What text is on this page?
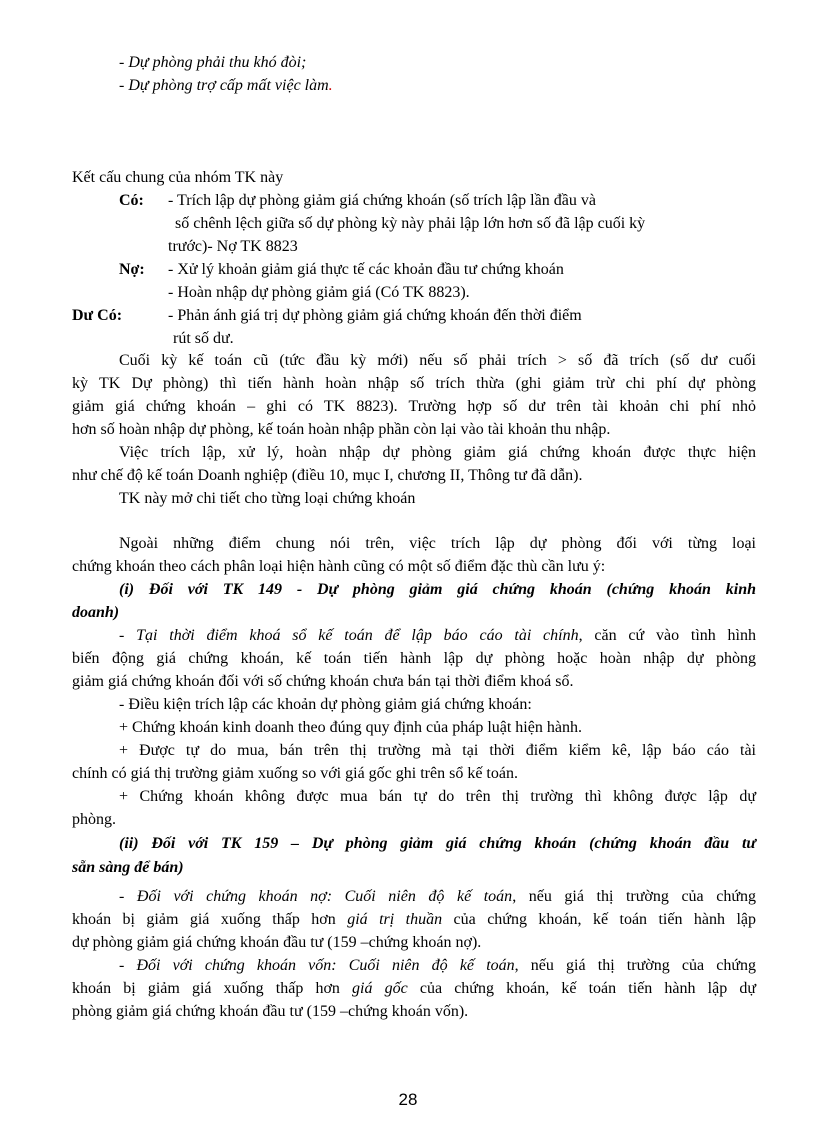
- Dự phòng phải thu khó đòi;
- Dự phòng trợ cấp mất việc làm.
Kết cấu chung của nhóm TK này
Có: - Trích lập dự phòng giảm giá chứng khoán (số trích lập lần đầu và
số chênh lệch giữa số dự phòng kỳ này phải lập lớn hơn số đã lập cuối kỳ
trước)- Nợ TK 8823
Nợ: - Xử lý khoản giảm giá thực tế các khoản đầu tư chứng khoán
- Hoàn nhập dự phòng giảm giá (Có TK 8823).
Dư Có:	- Phản ánh giá trị dự phòng giảm giá chứng khoán đến thời điểm
rút số dư.
Cuối kỳ kế toán cũ (tức đầu kỳ mới) nếu số phải trích > số đã trích (số dư cuối
kỳ TK Dự phòng) thì tiến hành hoàn nhập số trích thừa (ghi giảm trừ chi phí dự phòng
giảm giá chứng khoán – ghi có TK 8823). Trường hợp số dư trên tài khoản chi phí nhỏ
hơn số hoàn nhập dự phòng, kế toán hoàn nhập phần còn lại vào tài khoản thu nhập.
Việc trích lập, xử lý, hoàn nhập dự phòng giảm giá chứng khoán được thực hiện
như chế độ kế toán Doanh nghiệp (điều 10, mục I, chương II, Thông tư đã dẫn).
TK này mở chi tiết cho từng loại chứng khoán
Ngoài những điểm chung nói trên, việc trích lập dự phòng đối với từng loại
chứng khoán theo cách phân loại hiện hành cũng có một số điểm đặc thù cần lưu ý:
(i) Đối với TK 149 - Dự phòng giảm giá chứng khoán (chứng khoán kinh
doanh)
- Tại thời điểm khoá sổ kế toán để lập báo cáo tài chính, căn cứ vào tình hình
biến động giá chứng khoán, kế toán tiến hành lập dự phòng hoặc hoàn nhập dự phòng
giảm giá chứng khoán đối với số chứng khoán chưa bán tại thời điểm khoá sổ.
- Điều kiện trích lập các khoản dự phòng giảm giá chứng khoán:
+ Chứng khoán kinh doanh theo đúng quy định của pháp luật hiện hành.
+ Được tự do mua, bán trên thị trường mà tại thời điểm kiểm kê, lập báo cáo tài
chính có giá thị trường giảm xuống so với giá gốc ghi trên sổ kế toán.
+ Chứng khoán không được mua bán tự do trên thị trường thì không được lập dự
phòng.
(ii) Đối với TK 159 – Dự phòng giảm giá chứng khoán (chứng khoán đầu tư
sẵn sàng để bán)
- Đối với chứng khoán nợ: Cuối niên độ kế toán, nếu giá thị trường của chứng
khoán bị giảm giá xuống thấp hơn giá trị thuần của chứng khoán, kế toán tiến hành lập
dự phòng giảm giá chứng khoán đầu tư (159 –chứng khoán nợ).
- Đối với chứng khoán vốn: Cuối niên độ kế toán, nếu giá thị trường của chứng
khoán bị giảm giá xuống thấp hơn giá gốc của chứng khoán, kế toán tiến hành lập dự
phòng giảm giá chứng khoán đầu tư (159 –chứng khoán vốn).
28
